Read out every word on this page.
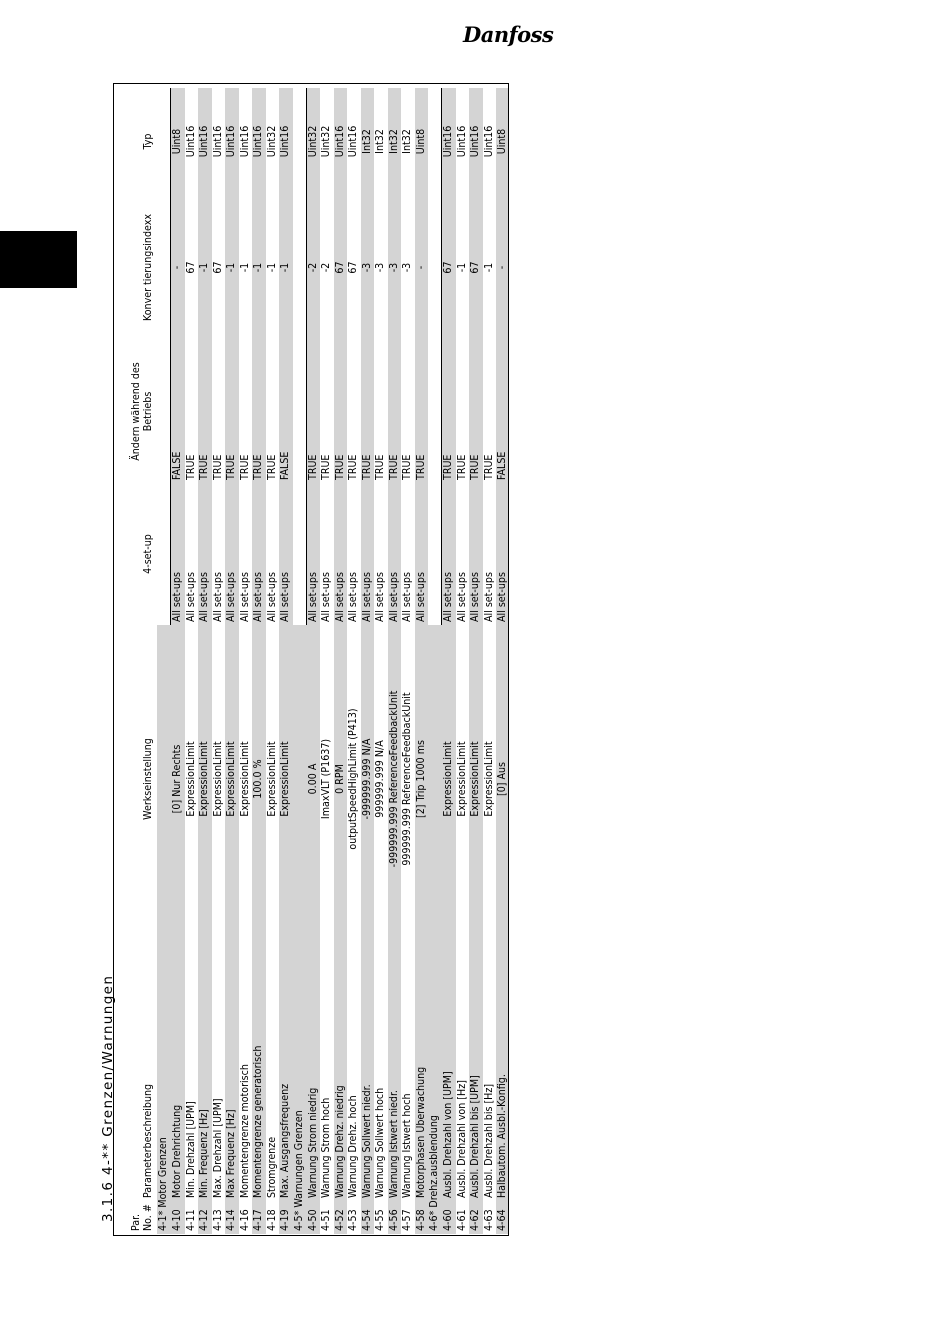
Danfoss
3.1.6 4-** Grenzen/Warnungen
Par. No. #	Parameterbeschreibung	Werkseinstellung	4-set-up	Ändern während des Betriebs	Konver tierungsindexx	Typ
4-1* Motor Grenzen						
4-10	Motor Drehrichtung	[0] Nur Rechts	All set-ups	FALSE	-	Uint8
4-11	Min. Drehzahl [UPM]	ExpressionLimit	All set-ups	TRUE	67	Uint16
4-12	Min. Frequenz [Hz]	ExpressionLimit	All set-ups	TRUE	-1	Uint16
4-13	Max. Drehzahl [UPM]	ExpressionLimit	All set-ups	TRUE	67	Uint16
4-14	Max Frequenz [Hz]	ExpressionLimit	All set-ups	TRUE	-1	Uint16
4-16	Momentengrenze motorisch	ExpressionLimit	All set-ups	TRUE	-1	Uint16
4-17	Momentengrenze generatorisch	100.0 %	All set-ups	TRUE	-1	Uint16
4-18	Stromgrenze	ExpressionLimit	All set-ups	TRUE	-1	Uint32
4-19	Max. Ausgangsfrequenz	ExpressionLimit	All set-ups	FALSE	-1	Uint16
4-5* Warnungen Grenzen						
4-50	Warnung Strom niedrig	0.00 A	All set-ups	TRUE	-2	Uint32
4-51	Warnung Strom hoch	ImaxVLT (P1637)	All set-ups	TRUE	-2	Uint32
4-52	Warnung Drehz. niedrig	0 RPM	All set-ups	TRUE	67	Uint16
4-53	Warnung Drehz. hoch	outputSpeedHighLimit (P413)	All set-ups	TRUE	67	Uint16
4-54	Warnung Sollwert niedr.	-999999.999 N/A	All set-ups	TRUE	-3	Int32
4-55	Warnung Sollwert hoch	999999.999 N/A	All set-ups	TRUE	-3	Int32
4-56	Warnung Istwert niedr.	-999999.999 ReferenceFeedbackUnit	All set-ups	TRUE	-3	Int32
4-57	Warnung Istwert hoch	999999.999 ReferenceFeedbackUnit	All set-ups	TRUE	-3	Int32
4-58	Motorphasen Überwachung	[2] Trip 1000 ms	All set-ups	TRUE	-	Uint8
4-6* Drehz.ausblendung						
4-60	Ausbl. Drehzahl von [UPM]	ExpressionLimit	All set-ups	TRUE	67	Uint16
4-61	Ausbl. Drehzahl von [Hz]	ExpressionLimit	All set-ups	TRUE	-1	Uint16
4-62	Ausbl. Drehzahl bis [UPM]	ExpressionLimit	All set-ups	TRUE	67	Uint16
4-63	Ausbl. Drehzahl bis [Hz]	ExpressionLimit	All set-ups	TRUE	-1	Uint16
4-64	Halbautom. Ausbl.-Konfig.	[0] Aus	All set-ups	FALSE	-	Uint8
